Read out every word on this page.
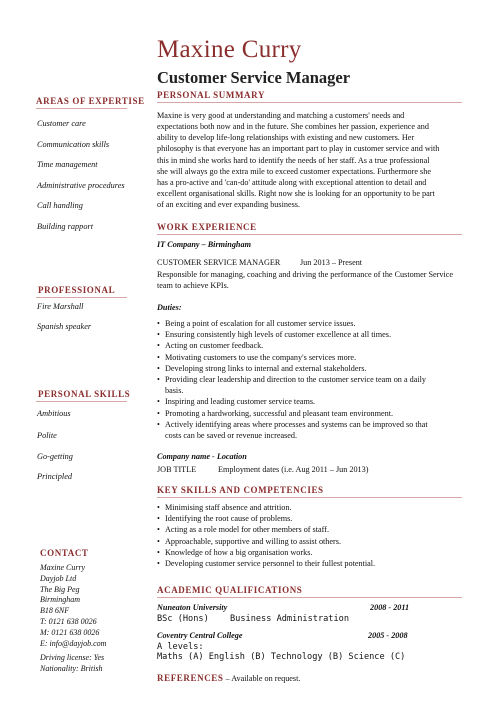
Maxine Curry
Customer Service Manager
AREAS OF EXPERTISE
Customer care
Communication skills
Time management
Administrative procedures
Call handling
Building rapport
PROFESSIONAL
Fire Marshall
Spanish speaker
PERSONAL SKILLS
Ambitious
Polite
Go-getting
Principled
CONTACT
Maxine Curry
Dayjob Ltd
The Big Peg
Birmingham
B18 6NF
T: 0121 638 0026
M: 0121 638 0026
E: info@dayjob.com
Driving license: Yes
Nationality: British
PERSONAL SUMMARY
Maxine is very good at understanding and matching a customers' needs and
expectations both now and in the future. She combines her passion, experience and
ability to develop life-long relationships with existing and new customers. Her
philosophy is that everyone has an important part to play in customer service and with
this in mind she works hard to identify the needs of her staff. As a true professional
she will always go the extra mile to exceed customer expectations. Furthermore she
has a pro-active and 'can-do' attitude along with exceptional attention to detail and
excellent organisational skills. Right now she is looking for an opportunity to be part
of an exciting and ever expanding business.
WORK EXPERIENCE
IT Company – Birmingham
CUSTOMER SERVICE MANAGER Jun 2013 – Present
Responsible for managing, coaching and driving the performance of the Customer Service
team to achieve KPIs.
Duties:
• Being a point of escalation for all customer service issues.
• Ensuring consistently high levels of customer excellence at all times.
• Acting on customer feedback.
• Motivating customers to use the company's services more.
• Developing strong links to internal and external stakeholders.
• Providing clear leadership and direction to the customer service team on a daily
basis.
• Inspiring and leading customer service teams.
• Promoting a hardworking, successful and pleasant team environment.
• Actively identifying areas where processes and systems can be improved so that
costs can be saved or revenue increased.
Company name - Location
JOB TITLE	Employment dates (i.e. Aug 2011 – Jun 2013)
KEY SKILLS AND COMPETENCIES
• Minimising staff absence and attrition.
• Identifying the root cause of problems.
• Acting as a role model for other members of staff.
• Approachable, supportive and willing to assist others.
• Knowledge of how a big organisation works.
• Developing customer service personnel to their fullest potential.
ACADEMIC QUALIFICATIONS
Nuneaton University	2008 - 2011
BSc (Hons) Business Administration
Coventry Central College	2005 - 2008
A levels:
Maths (A) English (B) Technology (B) Science (C)
REFERENCES – Available on request.
